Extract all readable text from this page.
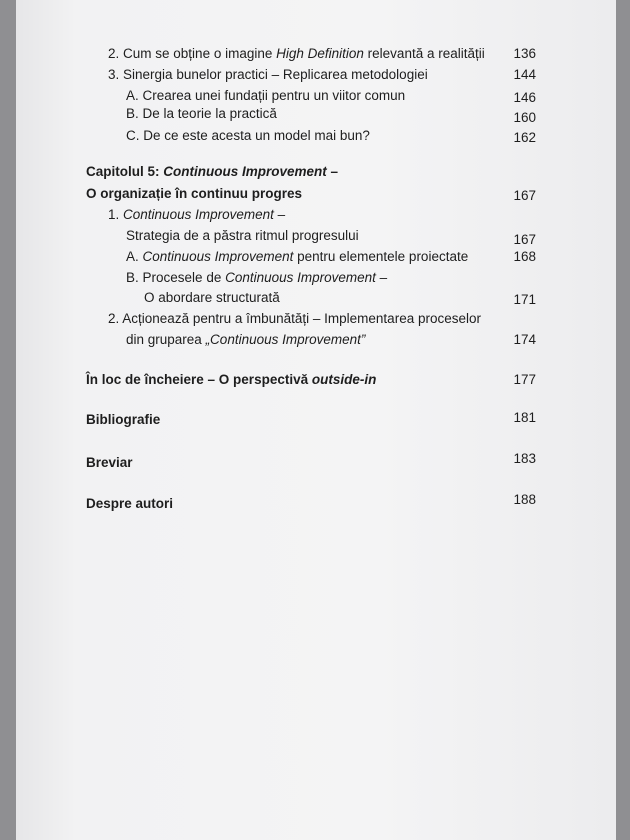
2. Cum se obține o imagine High Definition relevantă a realității 136
3. Sinergia bunelor practici – Replicarea metodologiei	144
A. Crearea unei fundații pentru un viitor comun	146
B. De la teorie la practică	160
C. De ce este acesta un model mai bun?	162
Capitolul 5: Continuous Improvement –
O organizație în continuu progres	167
1. Continuous Improvement –
Strategia de a păstra ritmul progresului	167
A. Continuous Improvement pentru elementele proiectate	168
B. Procesele de Continuous Improvement –
O abordare structurată	171
2. Acționează pentru a îmbunătăți – Implementarea proceselor
din gruparea „Continuous Improvement”	174
În loc de încheiere – O perspectivă outside-in	177
Bibliografie	181
Breviar	183
Despre autori	188
